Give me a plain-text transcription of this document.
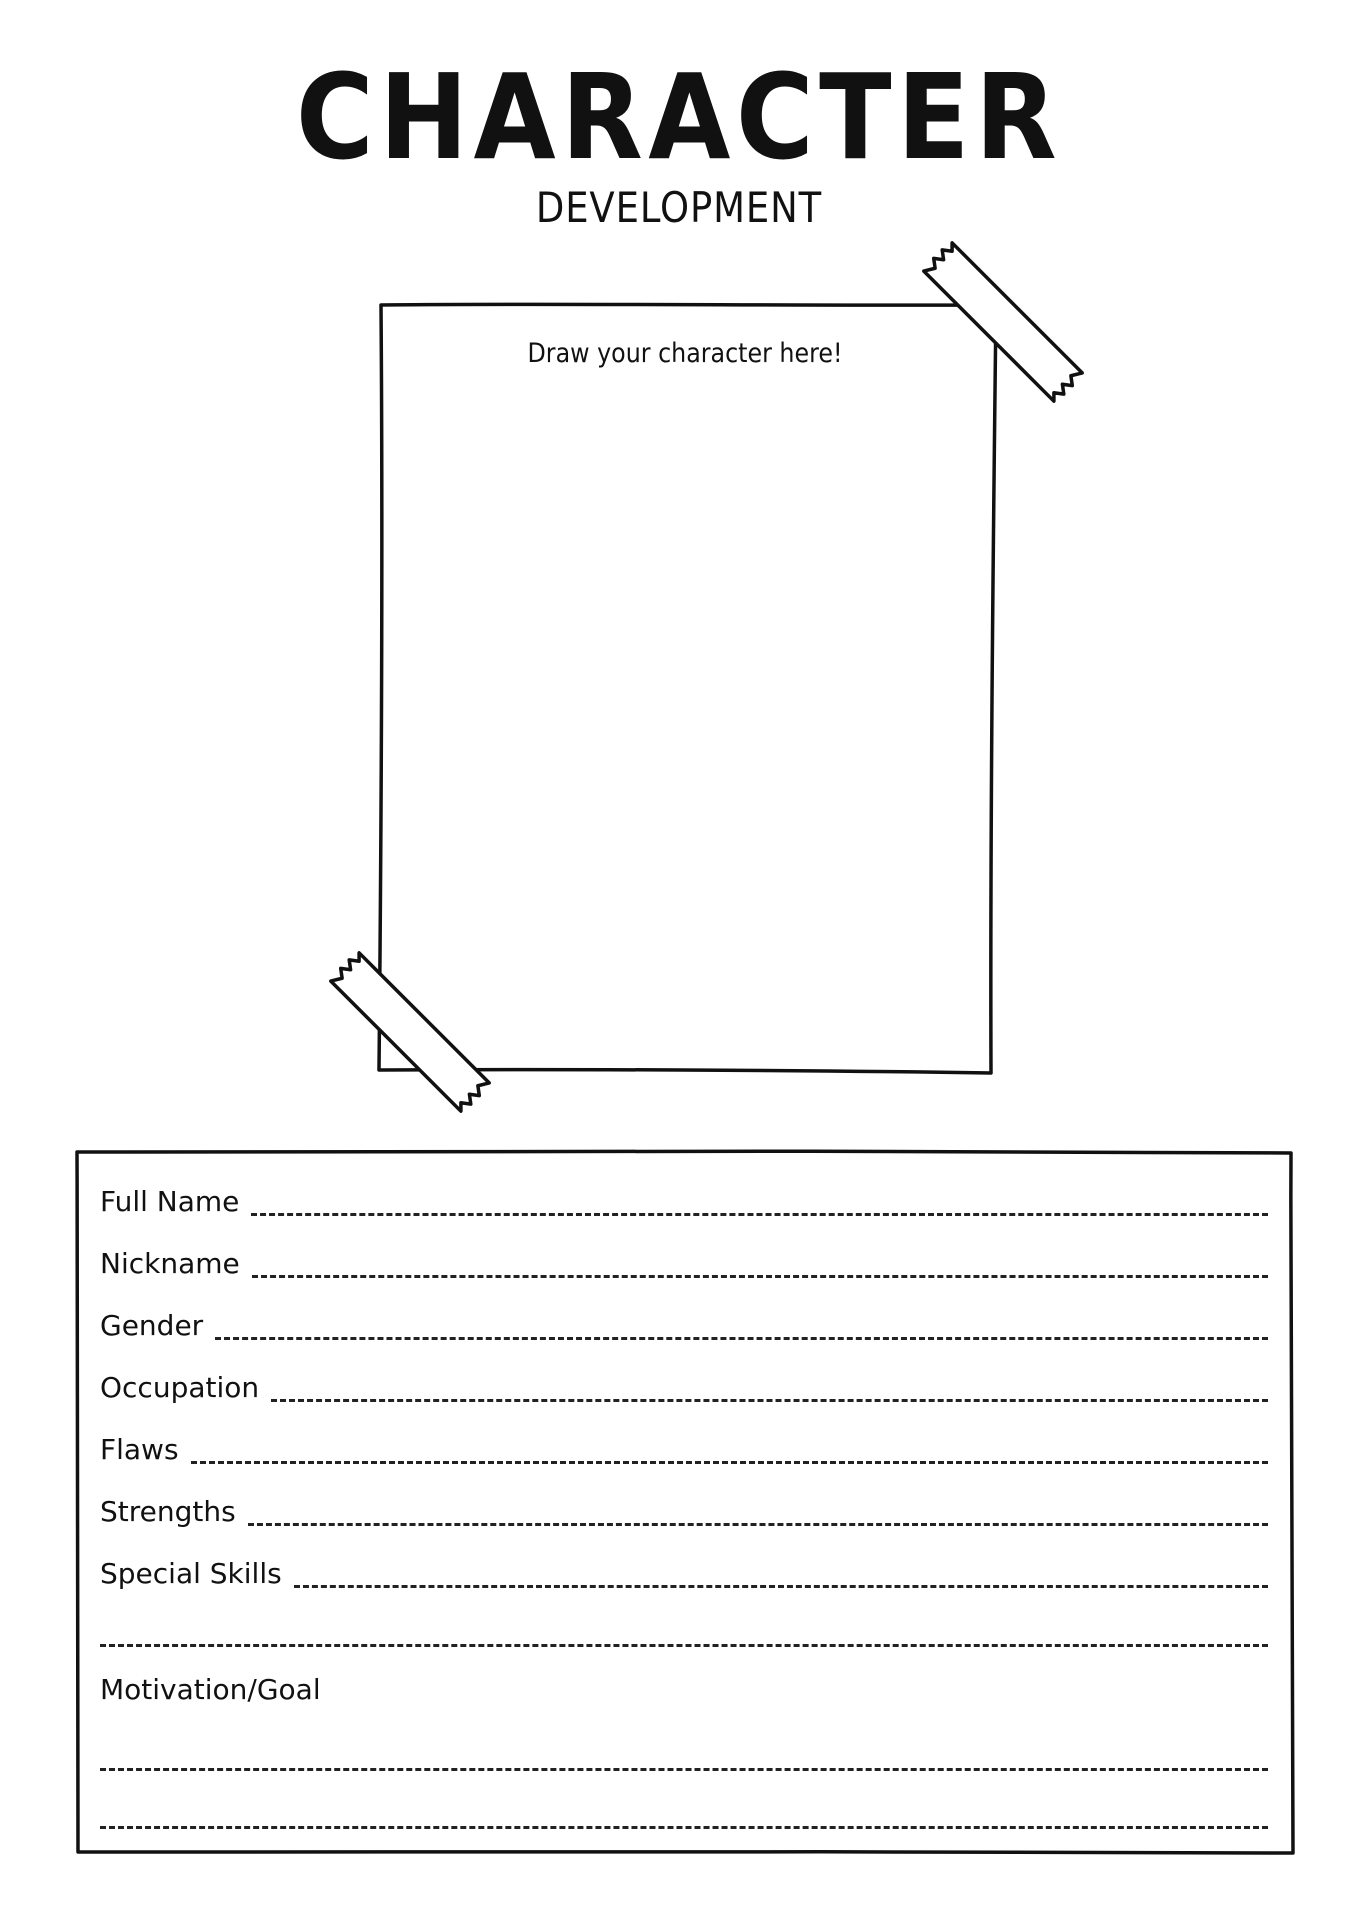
CHARACTER
DEVELOPMENT
Draw your character here!
Full Name
Nickname
Gender
Occupation
Flaws
Strengths
Special Skills
Motivation/Goal
